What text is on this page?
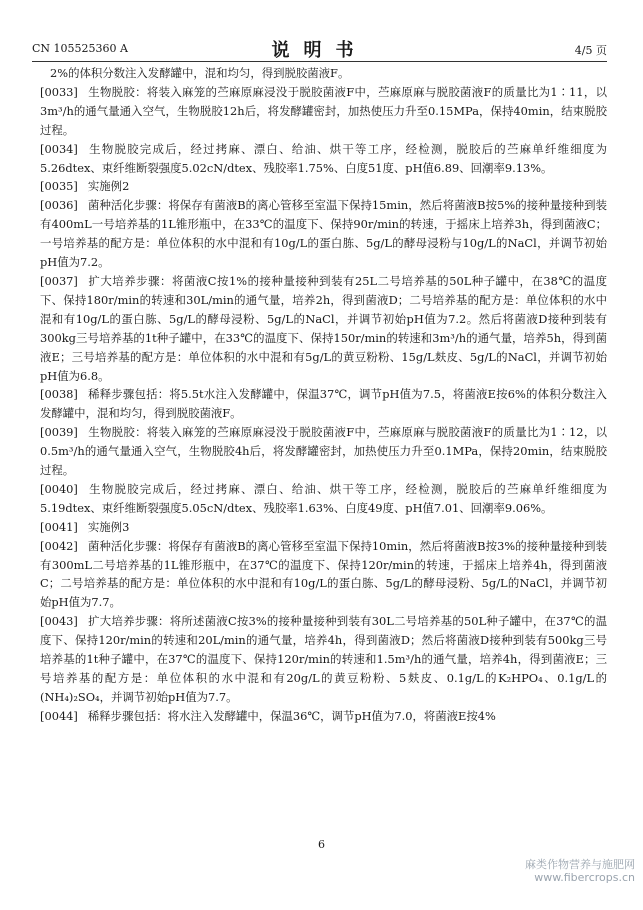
CN 105525360 A	说明书	4/5 页

2%的体积分数注入发酵罐中，混和均匀，得到脱胶菌液F。

[0033] 生物脱胶：将装入麻笼的苎麻原麻浸没于脱胶菌液F中，苎麻原麻与脱胶菌液F的质量比为1∶11，以3m³/h的通气量通入空气，生物脱胶12h后，将发酵罐密封，加热使压力升至0.15MPa，保持40min，结束脱胶过程。

[0034] 生物脱胶完成后，经过拷麻、漂白、给油、烘干等工序，经检测，脱胶后的苎麻单纤维细度为5.26dtex、束纤维断裂强度5.02cN/dtex、残胶率1.75%、白度51度、pH值6.89、回潮率9.13%。

[0035] 实施例2

[0036] 菌种活化步骤：将保存有菌液B的离心管移至室温下保持15min，然后将菌液B按5%的接种量接种到装有400mL一号培养基的1L锥形瓶中，在33℃的温度下、保持90r/min的转速，于摇床上培养3h，得到菌液C；一号培养基的配方是：单位体积的水中混和有10g/L的蛋白胨、5g/L的酵母浸粉与10g/L的NaCl，并调节初始pH值为7.2。

[0037] 扩大培养步骤：将菌液C按1%的接种量接种到装有25L二号培养基的50L种子罐中，在38℃的温度下、保持180r/min的转速和30L/min的通气量，培养2h，得到菌液D；二号培养基的配方是：单位体积的水中混和有10g/L的蛋白胨、5g/L的酵母浸粉、5g/L的NaCl，并调节初始pH值为7.2。然后将菌液D接种到装有300kg三号培养基的1t种子罐中，在33℃的温度下、保持150r/min的转速和3m³/h的通气量，培养5h，得到菌液E；三号培养基的配方是：单位体积的水中混和有5g/L的黄豆粉粉、15g/L麸皮、5g/L的NaCl，并调节初始pH值为6.8。

[0038] 稀释步骤包括：将5.5t水注入发酵罐中，保温37℃，调节pH值为7.5，将菌液E按6%的体积分数注入发酵罐中，混和均匀，得到脱胶菌液F。

[0039] 生物脱胶：将装入麻笼的苎麻原麻浸没于脱胶菌液F中，苎麻原麻与脱胶菌液F的质量比为1∶12，以0.5m³/h的通气量通入空气，生物脱胶4h后，将发酵罐密封，加热使压力升至0.1MPa，保持20min，结束脱胶过程。

[0040] 生物脱胶完成后，经过拷麻、漂白、给油、烘干等工序，经检测，脱胶后的苎麻单纤维细度为5.19dtex、束纤维断裂强度5.05cN/dtex、残胶率1.63%、白度49度、pH值7.01、回潮率9.06%。

[0041] 实施例3

[0042] 菌种活化步骤：将保存有菌液B的离心管移至室温下保持10min，然后将菌液B按3%的接种量接种到装有300mL二号培养基的1L锥形瓶中，在37℃的温度下、保持120r/min的转速，于摇床上培养4h，得到菌液C；二号培养基的配方是：单位体积的水中混和有10g/L的蛋白胨、5g/L的酵母浸粉、5g/L的NaCl，并调节初始pH值为7.7。

[0043] 扩大培养步骤：将所述菌液C按3%的接种量接种到装有30L二号培养基的50L种子罐中，在37℃的温度下、保持120r/min的转速和20L/min的通气量，培养4h，得到菌液D；然后将菌液D接种到装有500kg三号培养基的1t种子罐中，在37℃的温度下、保持120r/min的转速和1.5m³/h的通气量，培养4h，得到菌液E；三号培养基的配方是：单位体积的水中混和有20g/L的黄豆粉粉、5麸皮、0.1g/L的K₂HPO₄、0.1g/L的(NH₄)₂SO₄，并调节初始pH值为7.7。

[0044] 稀释步骤包括：将水注入发酵罐中，保温36℃，调节pH值为7.0，将菌液E按4%

6
麻类作物营养与施肥网
www.fibercrops.cn
